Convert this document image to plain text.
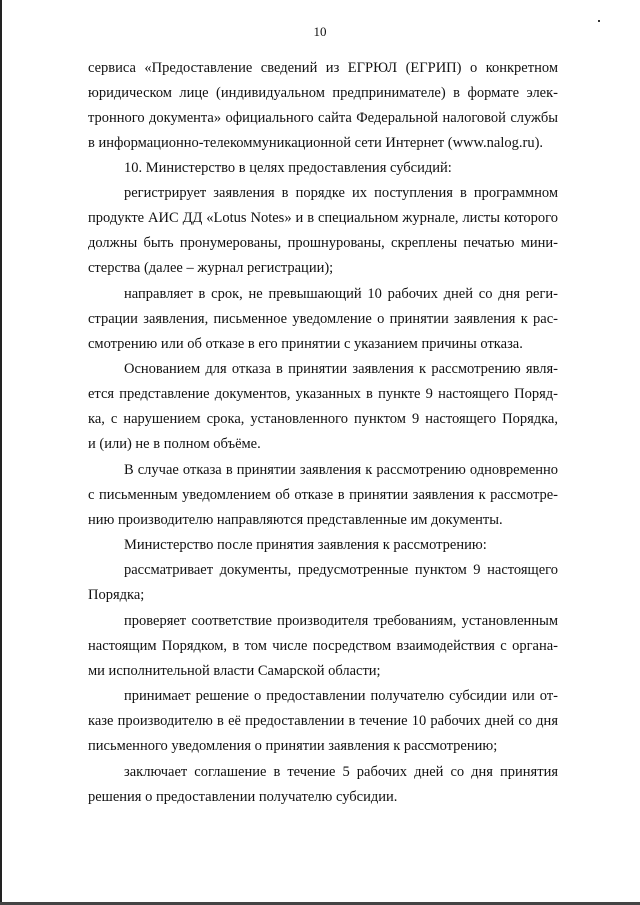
10
сервиса «Предоставление сведений из ЕГРЮЛ (ЕГРИП) о конкретном
юридическом лице (индивидуальном предпринимателе) в формате элек-
тронного документа» официального сайта Федеральной налоговой службы
в информационно-телекоммуникационной сети Интернет (www.nalog.ru).
10. Министерство в целях предоставления субсидий:
регистрирует заявления в порядке их поступления в программном
продукте АИС ДД «Lotus Notes» и в специальном журнале, листы которого
должны быть пронумерованы, прошнурованы, скреплены печатью мини-
стерства (далее – журнал регистрации);
направляет в срок, не превышающий 10 рабочих дней со дня реги-
страции заявления, письменное уведомление о принятии заявления к рас-
смотрению или об отказе в его принятии с указанием причины отказа.
Основанием для отказа в принятии заявления к рассмотрению явля-
ется представление документов, указанных в пункте 9 настоящего Поряд-
ка, с нарушением срока, установленного пунктом 9 настоящего Порядка,
и (или) не в полном объёме.
В случае отказа в принятии заявления к рассмотрению одновременно
с письменным уведомлением об отказе в принятии заявления к рассмотре-
нию производителю направляются представленные им документы.
Министерство после принятия заявления к рассмотрению:
рассматривает документы, предусмотренные пунктом 9 настоящего
Порядка;
проверяет соответствие производителя требованиям, установленным
настоящим Порядком, в том числе посредством взаимодействия с органа-
ми исполнительной власти Самарской области;
принимает решение о предоставлении получателю субсидии или от-
казе производителю в её предоставлении в течение 10 рабочих дней со дня
письменного уведомления о принятии заявления к рассмотрению;
заключает соглашение в течение 5 рабочих дней со дня принятия
решения о предоставлении получателю субсидии.
